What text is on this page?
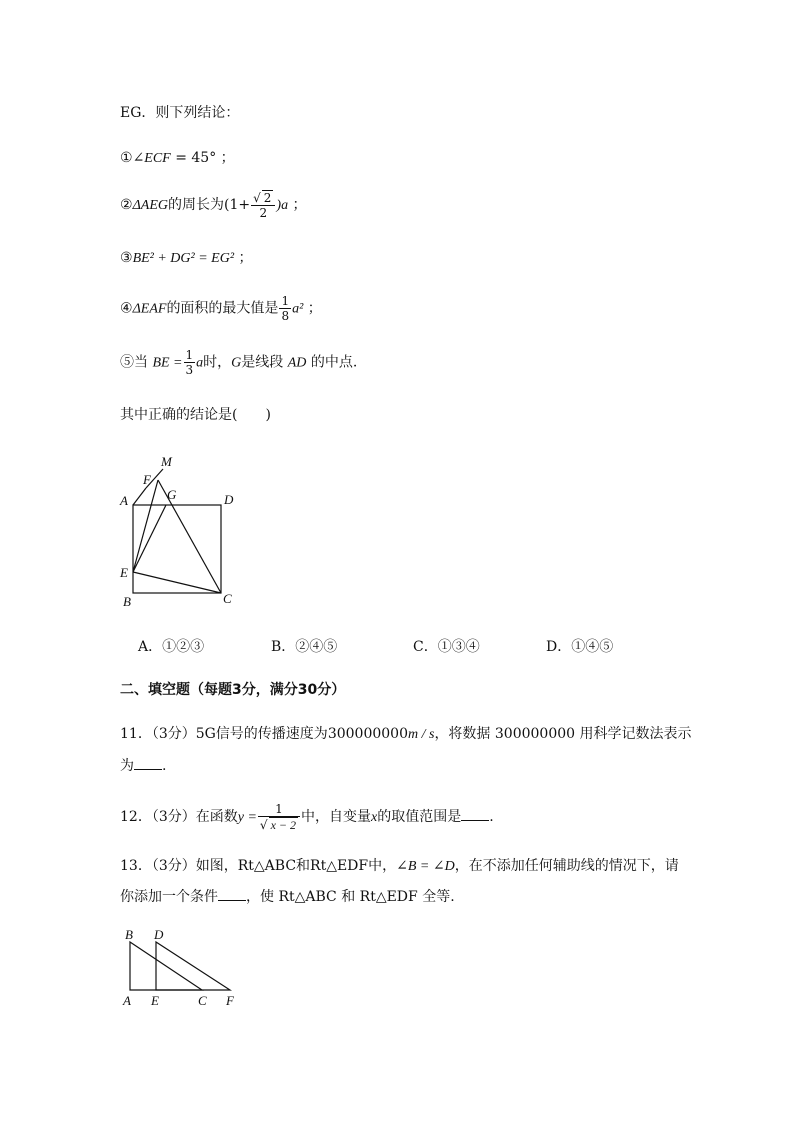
EG．则下列结论：
①∠ECF = 45° ；
②ΔAEG的周长为$(1+ \frac{√ 2}{2} )a$ ；
③BE² + DG² = EG² ；
④ΔEAF的面积的最大值是 $\frac{1}{8} a^2$ ；
⑤当 BE = $\frac{1}{3}$ a时，G是线段 AD 的中点.
其中正确的结论是(　　)
M
F
G
A	D
E
B	C
A．①②③	B．②④⑤	C．①③④	D．①④⑤
二、填空题（每题3分，满分30分）
11．（3分）5G信号的传播速度为300000000m / s，将数据 300000000 用科学记数法表示
为 .
12．（3分）在函数$y = \frac{1}{√ x - 2}$ 中，自变量x的取值范围是 .
13．（3分）如图，Rt△ABC和Rt△EDF中，∠B = ∠D，在不添加任何辅助线的情况下，请
你添加一个条件 ，使 Rt△ABC 和 Rt△EDF 全等.
B D
A E	C F
